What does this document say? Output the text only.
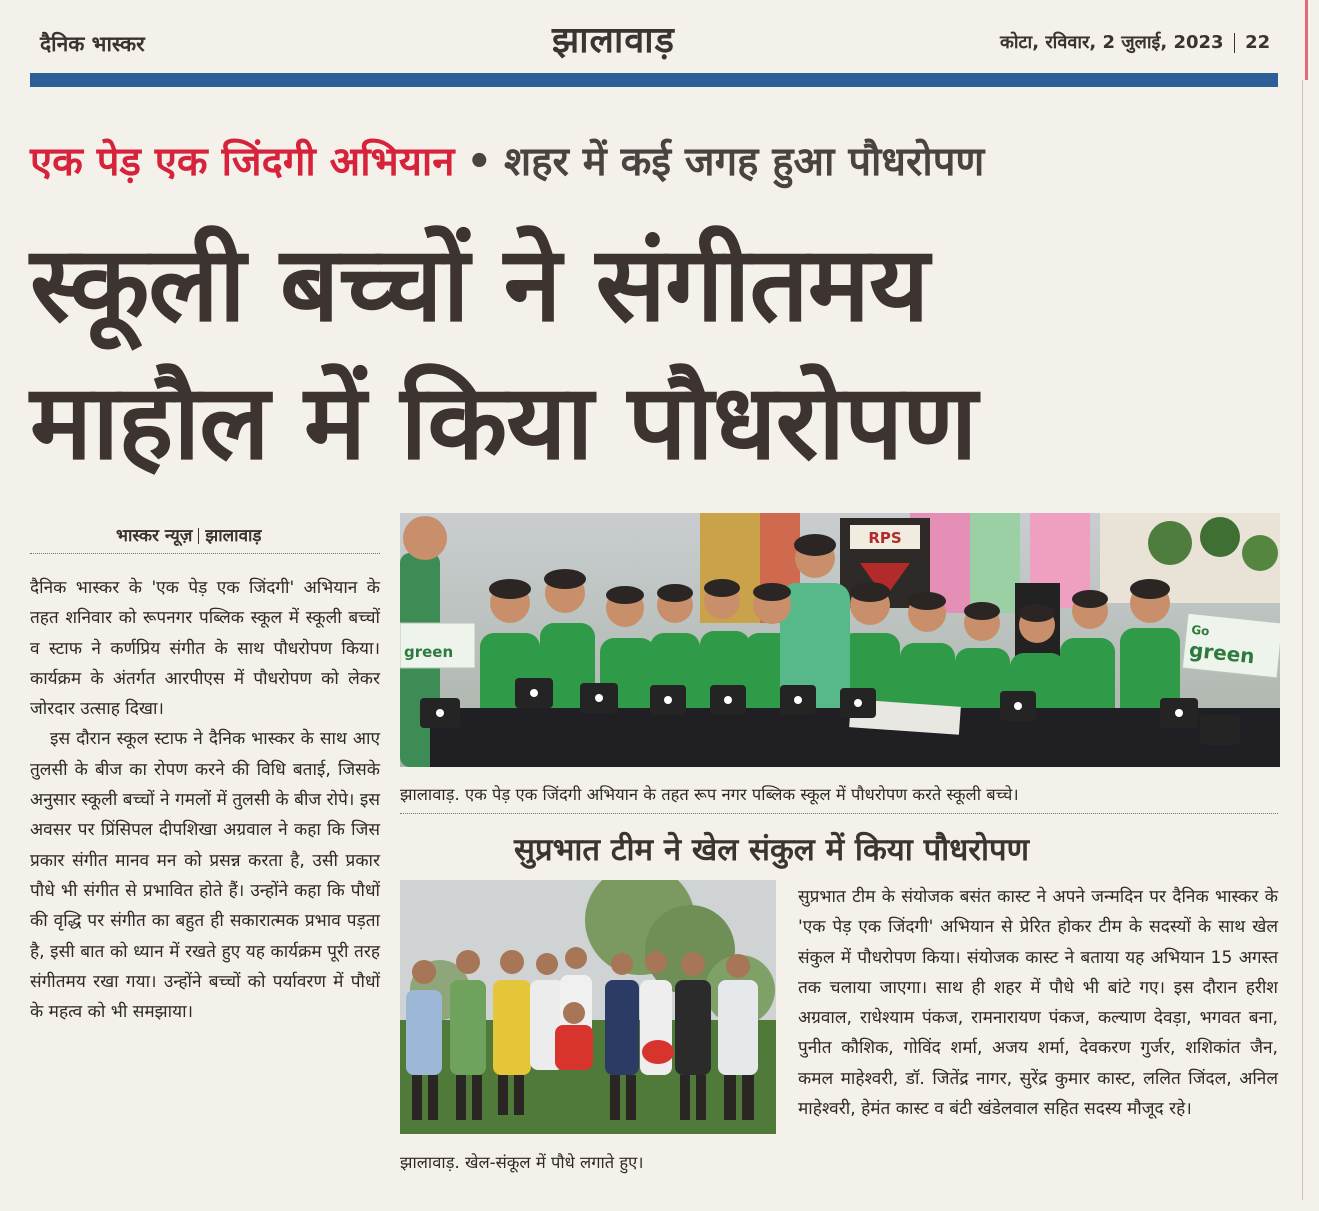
दैनिक भास्कर	झालावाड़	कोटा, रविवार, 2 जुलाई, 2023 22
एक पेड़ एक जिंदगी अभियान • शहर में कई जगह हुआ पौधरोपण
स्कूली बच्चों ने संगीतमय
माहौल में किया पौधरोपण
भास्कर न्यूज़ झालावाड़

दैनिक भास्कर के 'एक पेड़ एक जिंदगी' अभियान के तहत शनिवार को रूपनगर पब्लिक स्कूल में स्कूली बच्चों व स्टाफ ने कर्णप्रिय संगीत के साथ पौधरोपण किया। कार्यक्रम के अंतर्गत आरपीएस में पौधरोपण को लेकर जोरदार उत्साह दिखा।

इस दौरान स्कूल स्टाफ ने दैनिक भास्कर के साथ आए तुलसी के बीज का रोपण करने की विधि बताई, जिसके अनुसार स्कूली बच्चों ने गमलों में तुलसी के बीज रोपे। इस अवसर पर प्रिंसिपल दीपशिखा अग्रवाल ने कहा कि जिस प्रकार संगीत मानव मन को प्रसन्न करता है, उसी प्रकार पौधे भी संगीत से प्रभावित होते हैं। उन्होंने कहा कि पौधों की वृद्धि पर संगीत का बहुत ही सकारात्मक प्रभाव पड़ता है, इसी बात को ध्यान में रखते हुए यह कार्यक्रम पूरी तरह संगीतमय रखा गया। उन्होंने बच्चों को पर्यावरण में पौधों के महत्व को भी समझाया।

RPS
green
Go
green
झालावाड़. एक पेड़ एक जिंदगी अभियान के तहत रूप नगर पब्लिक स्कूल में पौधरोपण करते स्कूली बच्चे।
सुप्रभात टीम ने खेल संकुल में किया पौधरोपण
झालावाड़. खेल-संकूल में पौधे लगाते हुए।

सुप्रभात टीम के संयोजक बसंत कास्ट ने अपने जन्मदिन पर दैनिक भास्कर के 'एक पेड़ एक जिंदगी' अभियान से प्रेरित होकर टीम के सदस्यों के साथ खेल संकुल में पौधरोपण किया। संयोजक कास्ट ने बताया यह अभियान 15 अगस्त तक चलाया जाएगा। साथ ही शहर में पौधे भी बांटे गए। इस दौरान हरीश अग्रवाल, राधेश्याम पंकज, रामनारायण पंकज, कल्याण देवड़ा, भगवत बना, पुनीत कौशिक, गोविंद शर्मा, अजय शर्मा, देवकरण गुर्जर, शशिकांत जैन, कमल माहेश्वरी, डॉ. जितेंद्र नागर, सुरेंद्र कुमार कास्ट, ललित जिंदल, अनिल माहेश्वरी, हेमंत कास्ट व बंटी खंडेलवाल सहित सदस्य मौजूद रहे।
